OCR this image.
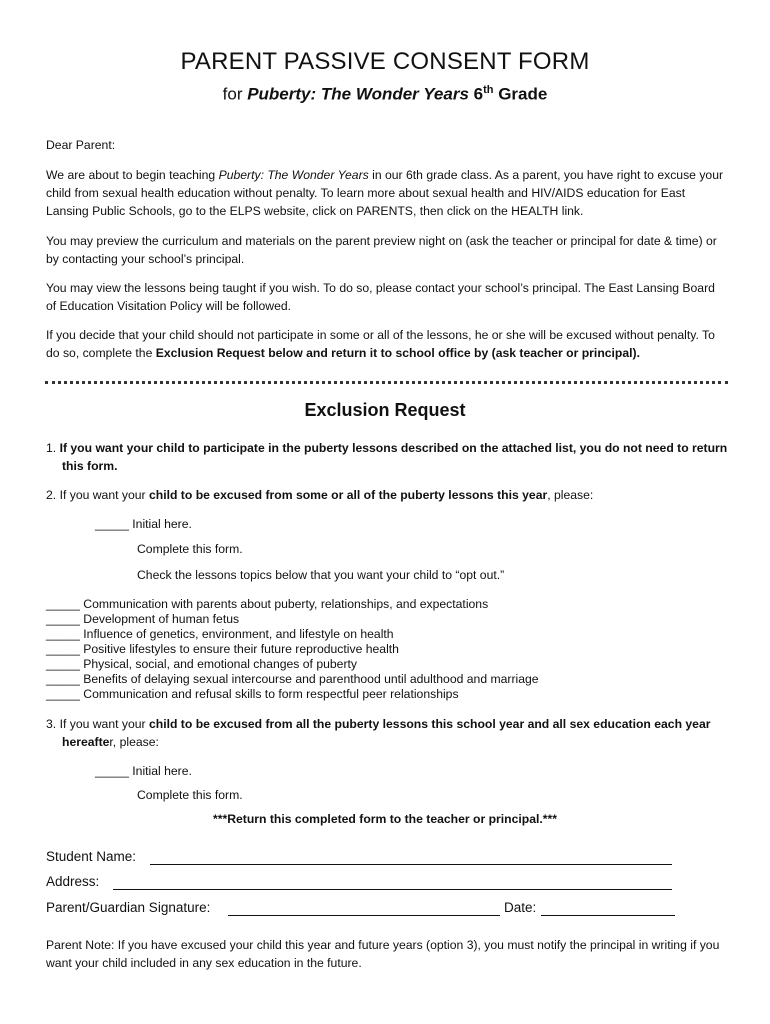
PARENT PASSIVE CONSENT FORM
for Puberty: The Wonder Years 6th Grade
Dear Parent:
We are about to begin teaching Puberty: The Wonder Years in our 6th grade class. As a parent, you have right to excuse your child from sexual health education without penalty. To learn more about sexual health and HIV/AIDS education for East Lansing Public Schools, go to the ELPS website, click on PARENTS, then click on the HEALTH link.
You may preview the curriculum and materials on the parent preview night on (ask the teacher or principal for date & time) or by contacting your school’s principal.
You may view the lessons being taught if you wish. To do so, please contact your school’s principal. The East Lansing Board of Education Visitation Policy will be followed.
If you decide that your child should not participate in some or all of the lessons, he or she will be excused without penalty. To do so, complete the Exclusion Request below and return it to school office by (ask teacher or principal).
Exclusion Request
1. If you want your child to participate in the puberty lessons described on the attached list, you do not need to return this form.
2. If you want your child to be excused from some or all of the puberty lessons this year, please:
_____ Initial here.
Complete this form.
Check the lessons topics below that you want your child to “opt out.”
_____ Communication with parents about puberty, relationships, and expectations
_____ Development of human fetus
_____ Influence of genetics, environment, and lifestyle on health
_____ Positive lifestyles to ensure their future reproductive health
_____ Physical, social, and emotional changes of puberty
_____ Benefits of delaying sexual intercourse and parenthood until adulthood and marriage
_____ Communication and refusal skills to form respectful peer relationships
3. If you want your child to be excused from all the puberty lessons this school year and all sex education each year hereafter, please:
_____ Initial here.
Complete this form.
***Return this completed form to the teacher or principal.***
Student Name:
Address:
Parent/Guardian Signature:	Date:
Parent Note: If you have excused your child this year and future years (option 3), you must notify the principal in writing if you want your child included in any sex education in the future.
